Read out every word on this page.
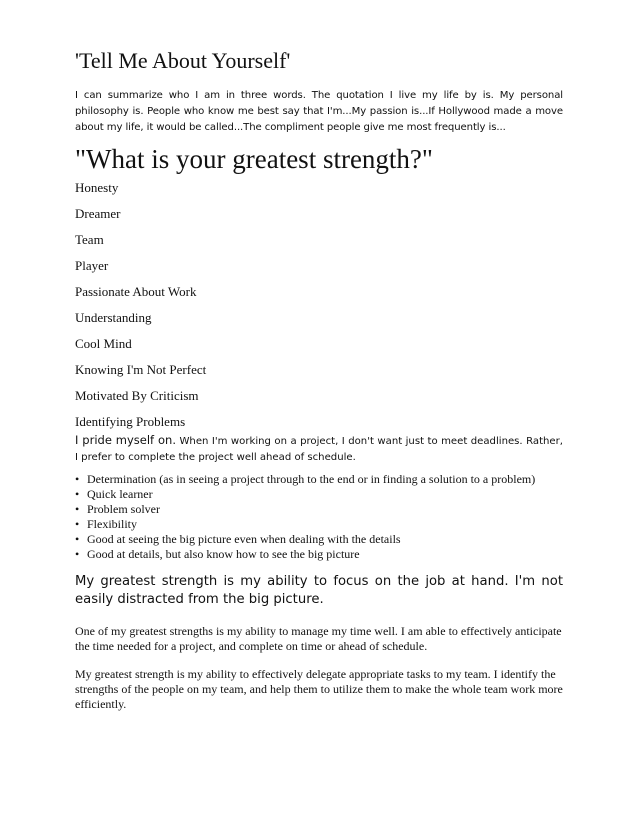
'Tell Me About Yourself'
I can summarize who I am in three words. The quotation I live my life by is. My personal philosophy is. People who know me best say that I'm...My passion is...If Hollywood made a move about my life, it would be called...The compliment people give me most frequently is...
"What is your greatest strength?"
Honesty
Dreamer
Team
Player
Passionate About Work
Understanding
Cool Mind
Knowing I'm Not Perfect
Motivated By Criticism
Identifying Problems
I pride myself on. When I'm working on a project, I don't want just to meet deadlines. Rather, I prefer to complete the project well ahead of schedule.
• Determination (as in seeing a project through to the end or in finding a solution to a problem)
• Quick learner
• Problem solver
• Flexibility
• Good at seeing the big picture even when dealing with the details
• Good at details, but also know how to see the big picture
My greatest strength is my ability to focus on the job at hand. I'm not easily distracted from the big picture.
One of my greatest strengths is my ability to manage my time well. I am able to effectively anticipate the time needed for a project, and complete on time or ahead of schedule.
My greatest strength is my ability to effectively delegate appropriate tasks to my team. I identify the strengths of the people on my team, and help them to utilize them to make the whole team work more efficiently.
